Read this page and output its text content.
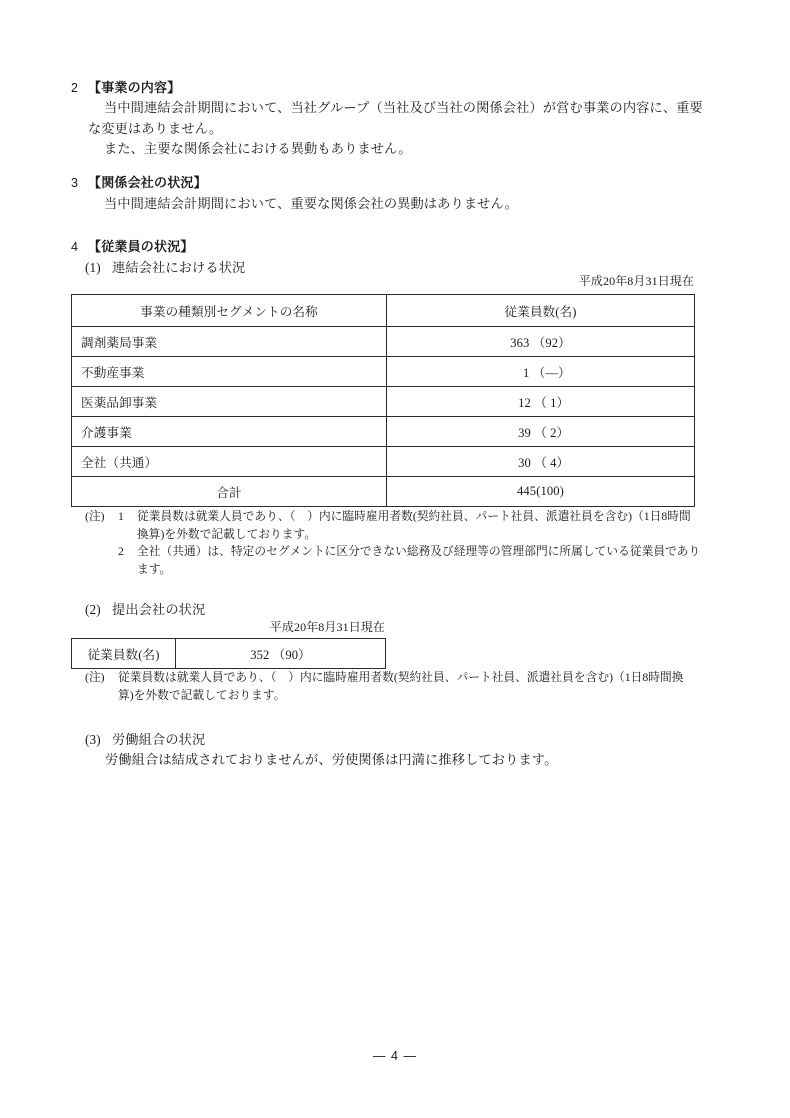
2 【事業の内容】
当中間連結会計期間において、当社グループ（当社及び当社の関係会社）が営む事業の内容に、重要な変更はありません。
また、主要な関係会社における異動もありません。
3 【関係会社の状況】
当中間連結会計期間において、重要な関係会社の異動はありません。
4 【従業員の状況】
(1) 連結会社における状況
平成20年8月31日現在
事業の種類別セグメントの名称	従業員数(名)
調剤薬局事業	363 （92）
不動産事業	  1 （―）
医薬品卸事業	 12 （ 1）
介護事業	 39 （ 2）
全社（共通）	 30 （ 4）
合計	445(100)
(注)	1	従業員数は就業人員であり、（　）内に臨時雇用者数(契約社員、パート社員、派遣社員を含む)（1日8時間
換算)を外数で記載しております。
2	全社（共通）は、特定のセグメントに区分できない総務及び経理等の管理部門に所属している従業員であり
ます。
(2) 提出会社の状況
平成20年8月31日現在
従業員数(名)	352 （90）
(注)	従業員数は就業人員であり、（　）内に臨時雇用者数(契約社員、パート社員、派遣社員を含む)（1日8時間換
算)を外数で記載しております。
(3) 労働組合の状況
労働組合は結成されておりませんが、労使関係は円満に推移しております。
— 4 —
